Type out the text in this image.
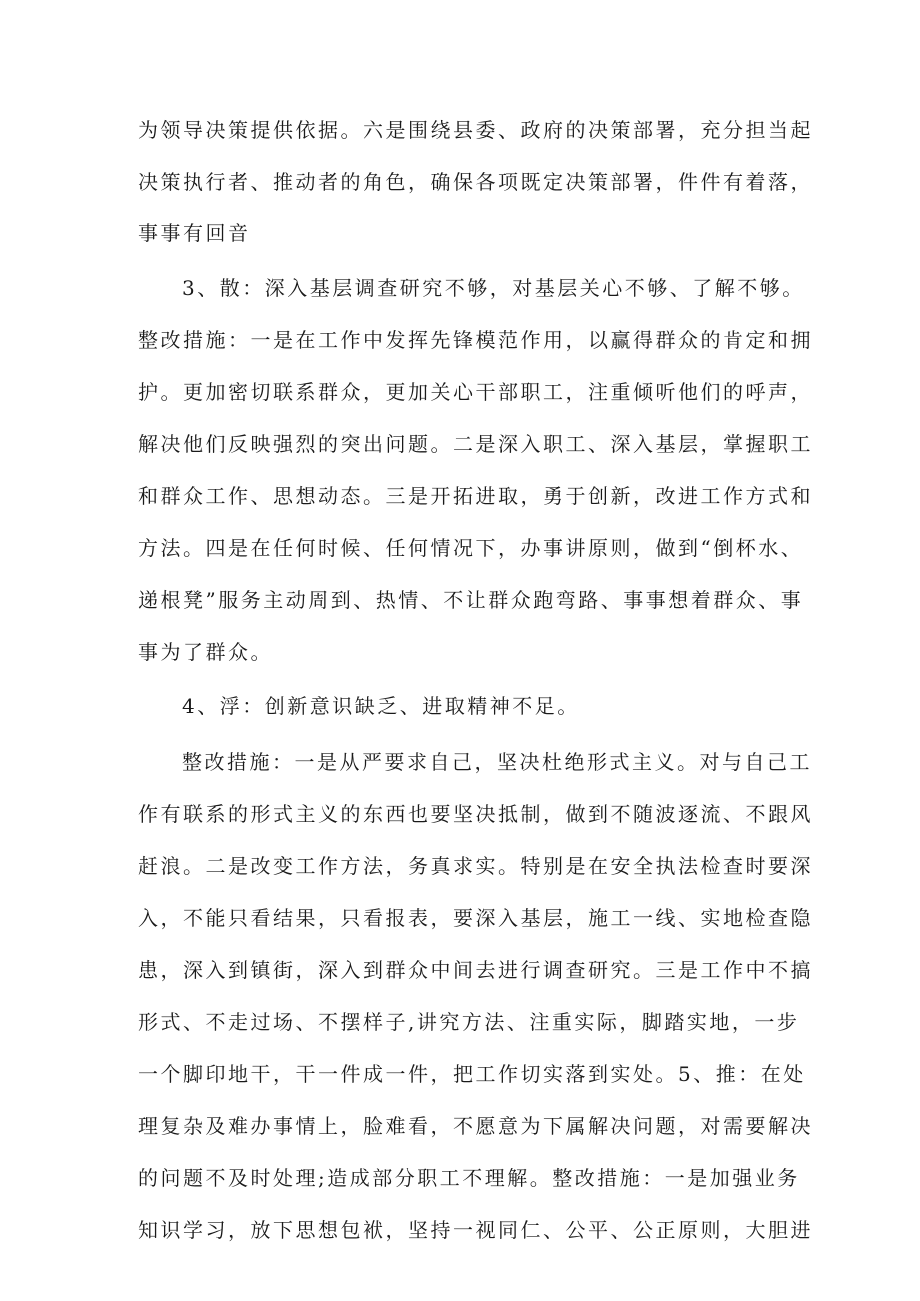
为领导决策提供依据。六是围绕县委、政府的决策部署，充分担当起
决策执行者、推动者的角色，确保各项既定决策部署，件件有着落，
事事有回音
3、散：深入基层调查研究不够，对基层关心不够、了解不够。
整改措施：一是在工作中发挥先锋模范作用，以赢得群众的肯定和拥
护。更加密切联系群众，更加关心干部职工，注重倾听他们的呼声，
解决他们反映强烈的突出问题。二是深入职工、深入基层，掌握职工
和群众工作、思想动态。三是开拓进取，勇于创新，改进工作方式和
方法。四是在任何时候、任何情况下，办事讲原则，做到“倒杯水、
递根凳”服务主动周到、热情、不让群众跑弯路、事事想着群众、事
事为了群众。
4、浮：创新意识缺乏、进取精神不足。
整改措施：一是从严要求自己，坚决杜绝形式主义。对与自己工
作有联系的形式主义的东西也要坚决抵制，做到不随波逐流、不跟风
赶浪。二是改变工作方法，务真求实。特别是在安全执法检查时要深
入，不能只看结果，只看报表，要深入基层，施工一线、实地检查隐
患，深入到镇街，深入到群众中间去进行调查研究。三是工作中不搞
形式、不走过场、不摆样子,讲究方法、注重实际，脚踏实地，一步
一个脚印地干，干一件成一件，把工作切实落到实处。5、推：在处
理复杂及难办事情上，脸难看，不愿意为下属解决问题，对需要解决
的问题不及时处理;造成部分职工不理解。整改措施：一是加强业务
知识学习，放下思想包袱，坚持一视同仁、公平、公正原则，大胆进
